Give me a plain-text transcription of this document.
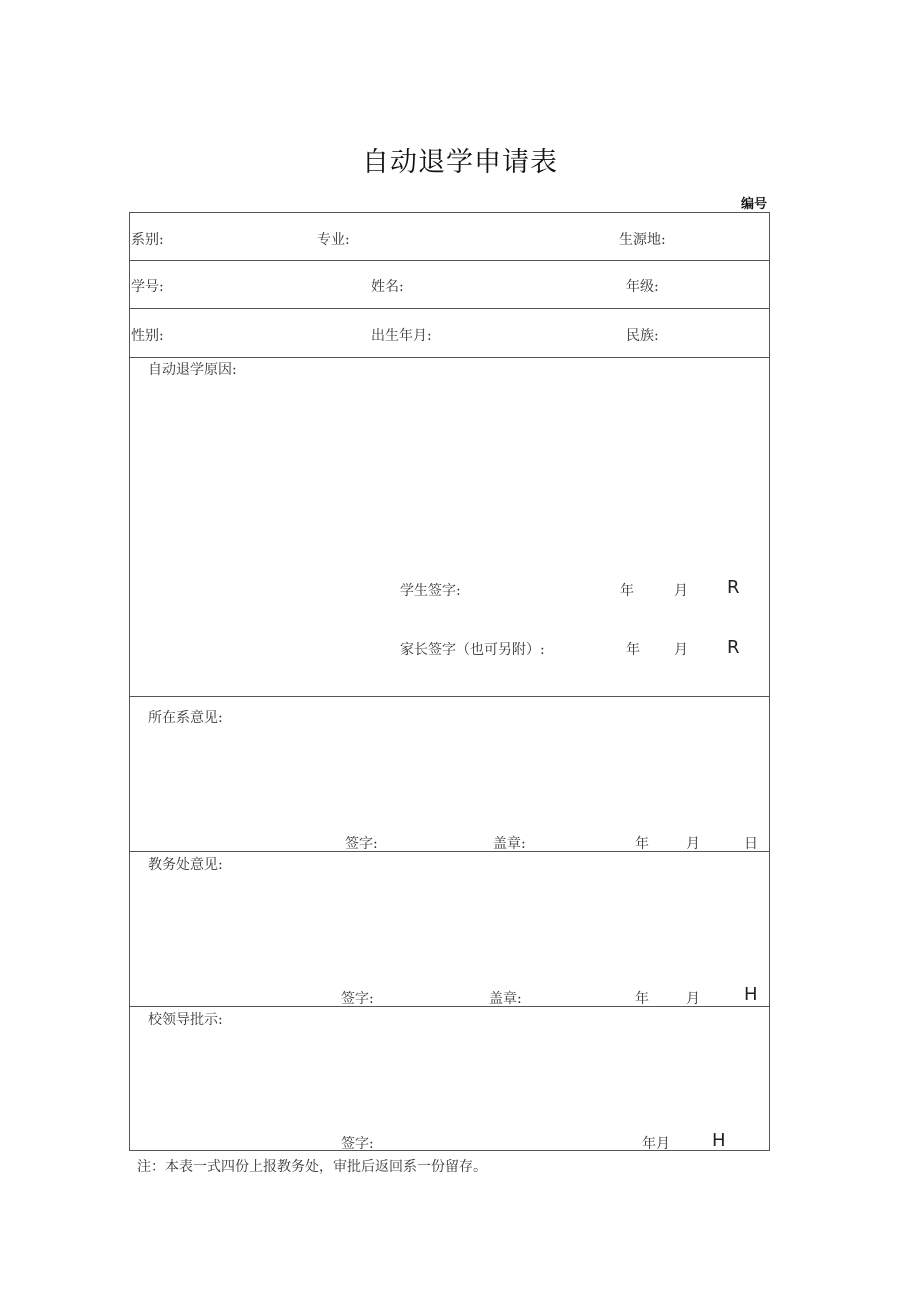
自动退学申请表
编号
系别:	专业:	生源地:
学号:	姓名:	年级:
性别:	出生年月:	民族:
自动退学原因:
学生签字:	年	月 R
家长签字（也可另附）:	年 月 R
所在系意见:
签字:	盖章:	年	月	日
教务处意见:
签字:	盖章:	年	月 H
校领导批示:
签字:	年月 H
注：本表一式四份上报教务处，审批后返回系一份留存。
